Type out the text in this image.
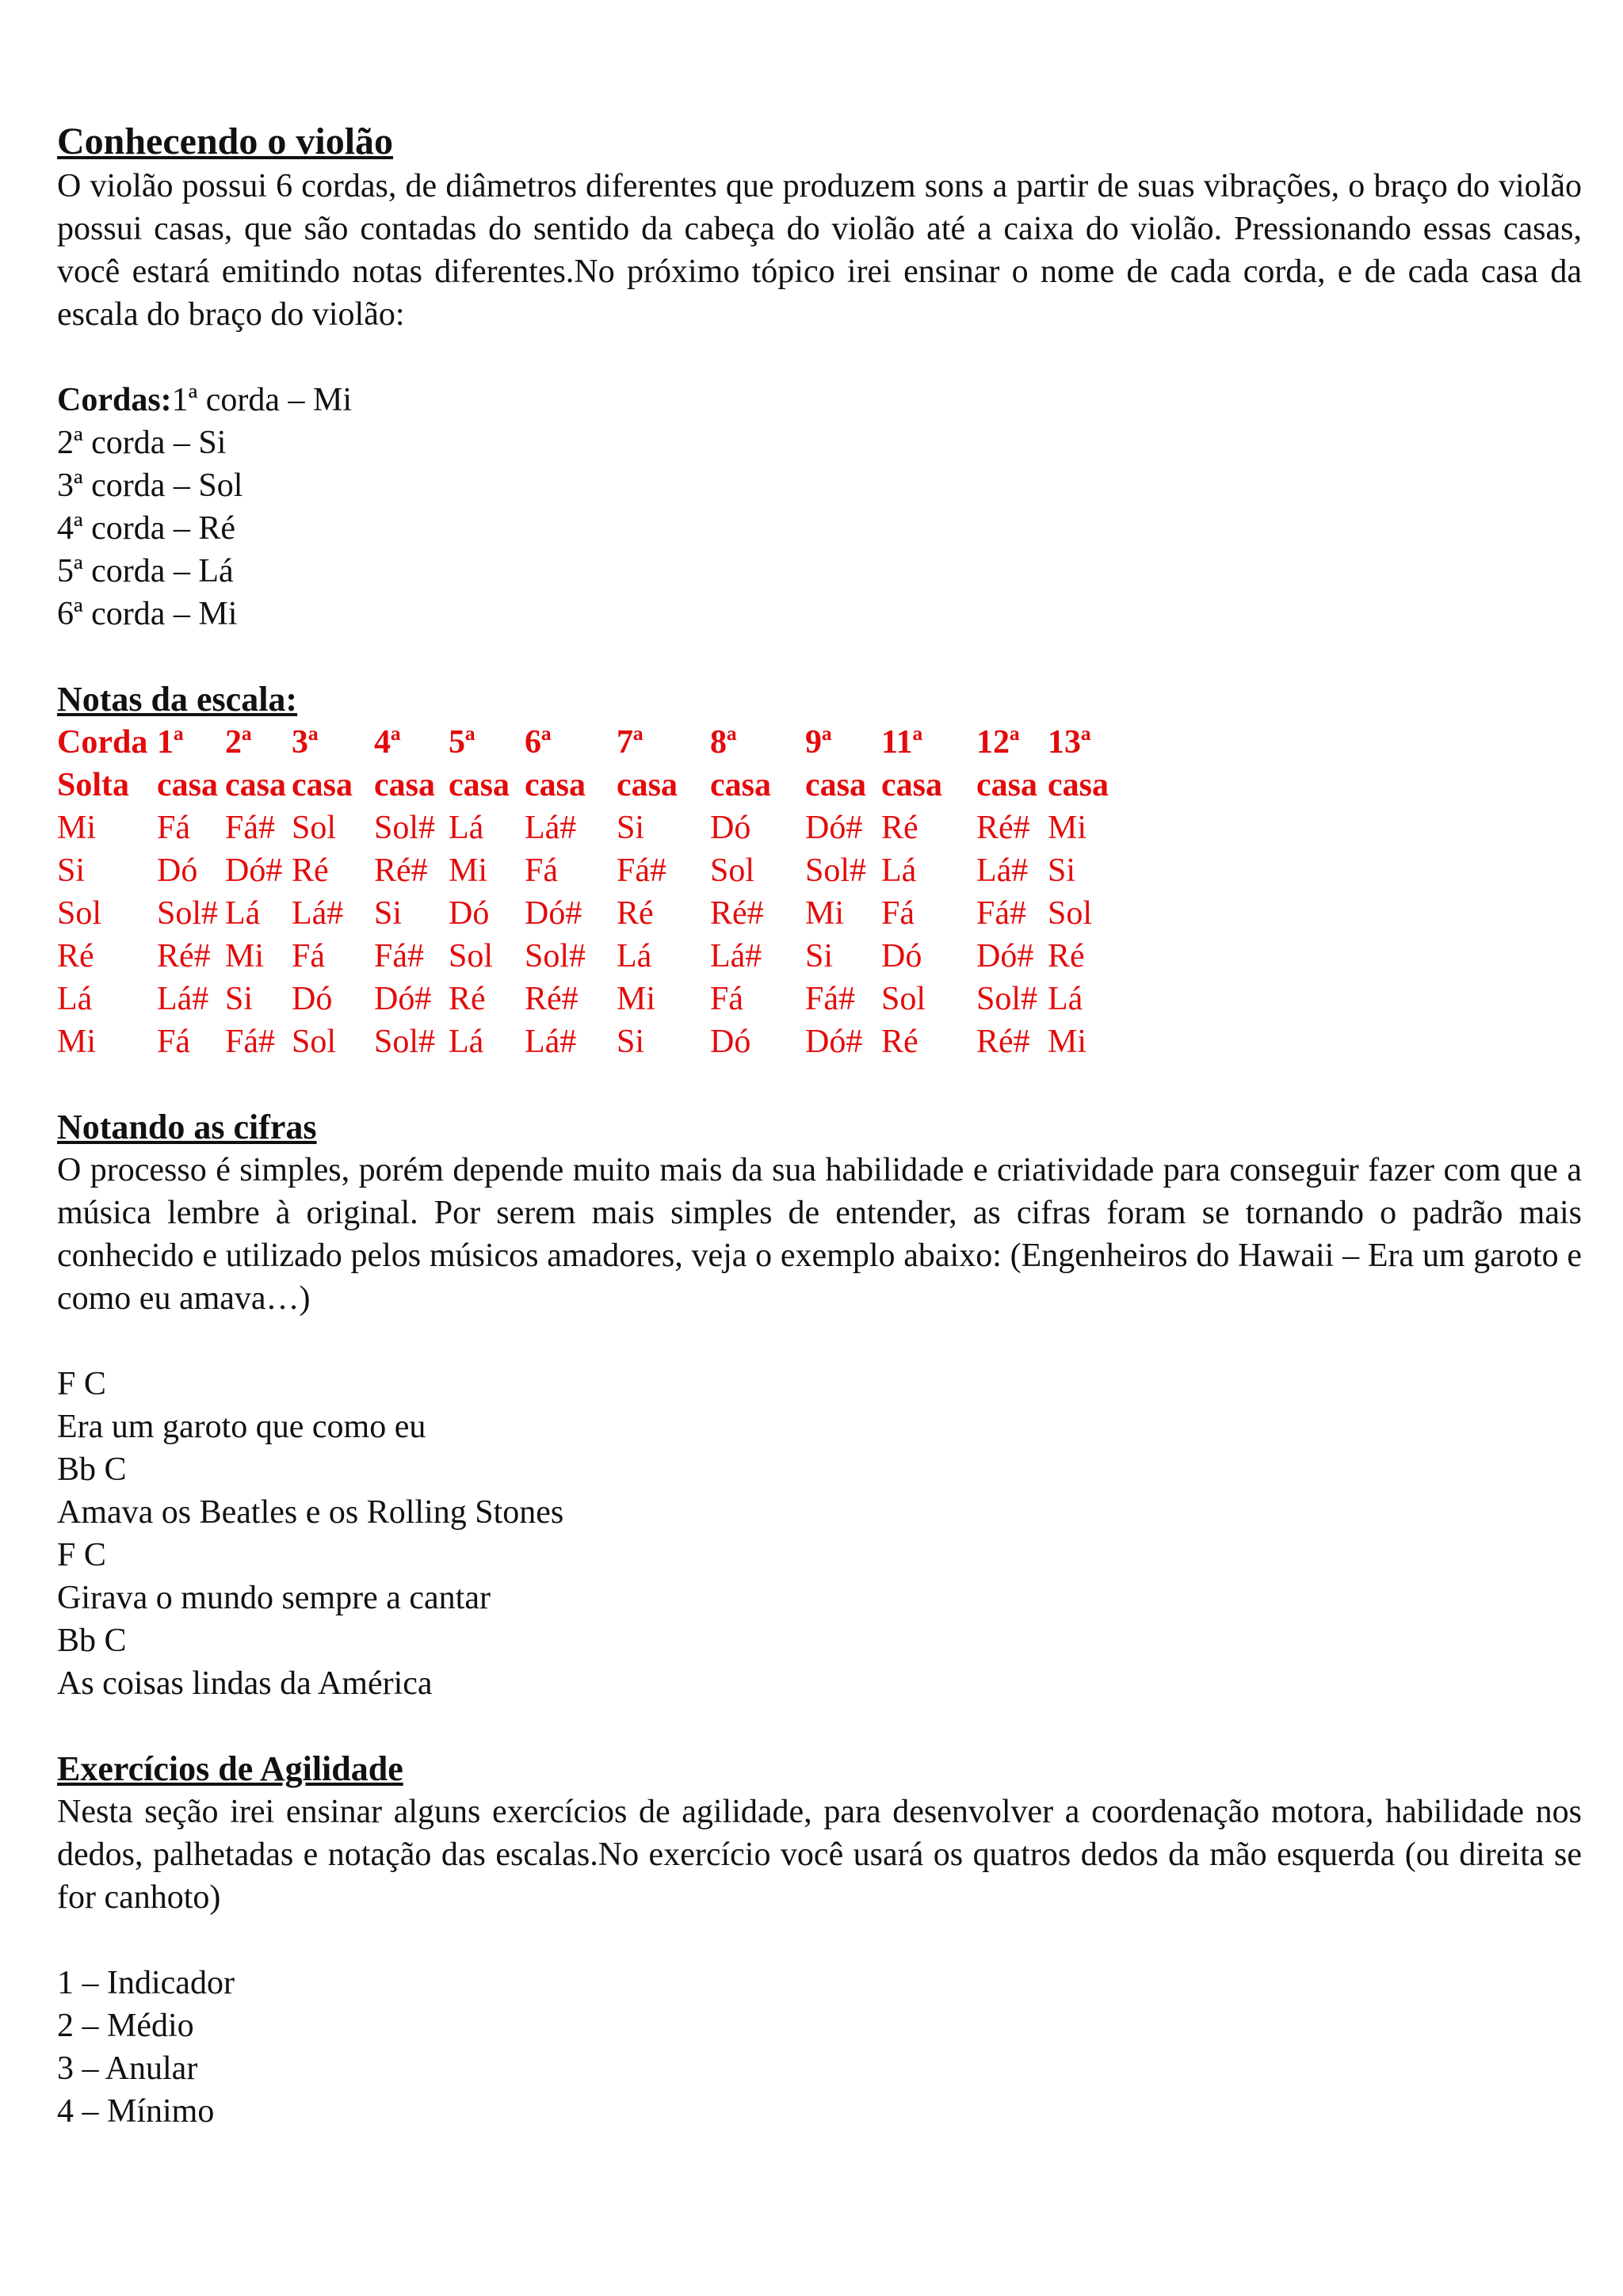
Conhecendo o violão

O violão possui 6 cordas, de diâmetros diferentes que produzem sons a partir de suas vibrações, o braço do violão possui casas, que são contadas do sentido da cabeça do violão até a caixa do violão. Pressionando essas casas, você estará emitindo notas diferentes.No próximo tópico irei ensinar o nome de cada corda, e de cada casa da escala do braço do violão:

Cordas:1ª corda – Mi

2ª corda – Si

3ª corda – Sol

4ª corda – Ré

5ª corda – Lá

6ª corda – Mi

Notas da escala:
Corda 1ª 2ª 3ª 4ª 5ª 6ª 7ª 8ª 9ª 11ª 12ª 13ª
Solta casa casa casa casa casa casa casa casa casa casa casa casa
Mi Fá Fá# Sol Sol# Lá Lá# Si Dó Dó# Ré Ré# Mi
Si Dó Dó# Ré Ré# Mi Fá Fá# Sol Sol# Lá Lá# Si
Sol Sol# Lá Lá# Si Dó Dó# Ré Ré# Mi Fá Fá# Sol
Ré Ré# Mi Fá Fá# Sol Sol# Lá Lá# Si Dó Dó# Ré
Lá Lá# Si Dó Dó# Ré Ré# Mi Fá Fá# Sol Sol# Lá
Mi Fá Fá# Sol Sol# Lá Lá# Si Dó Dó# Ré Ré# Mi
Notando as cifras

O processo é simples, porém depende muito mais da sua habilidade e criatividade para conseguir fazer com que a música lembre à original. Por serem mais simples de entender, as cifras foram se tornando o padrão mais conhecido e utilizado pelos músicos amadores, veja o exemplo abaixo: (Engenheiros do Hawaii – Era um garoto e como eu amava…)

F C

Era um garoto que como eu

Bb C

Amava os Beatles e os Rolling Stones

F C

Girava o mundo sempre a cantar

Bb C

As coisas lindas da América

Exercícios de Agilidade

Nesta seção irei ensinar alguns exercícios de agilidade, para desenvolver a coordenação motora, habilidade nos dedos, palhetadas e notação das escalas.No exercício você usará os quatros dedos da mão esquerda (ou direita se for canhoto)

1 – Indicador

2 – Médio

3 – Anular

4 – Mínimo
